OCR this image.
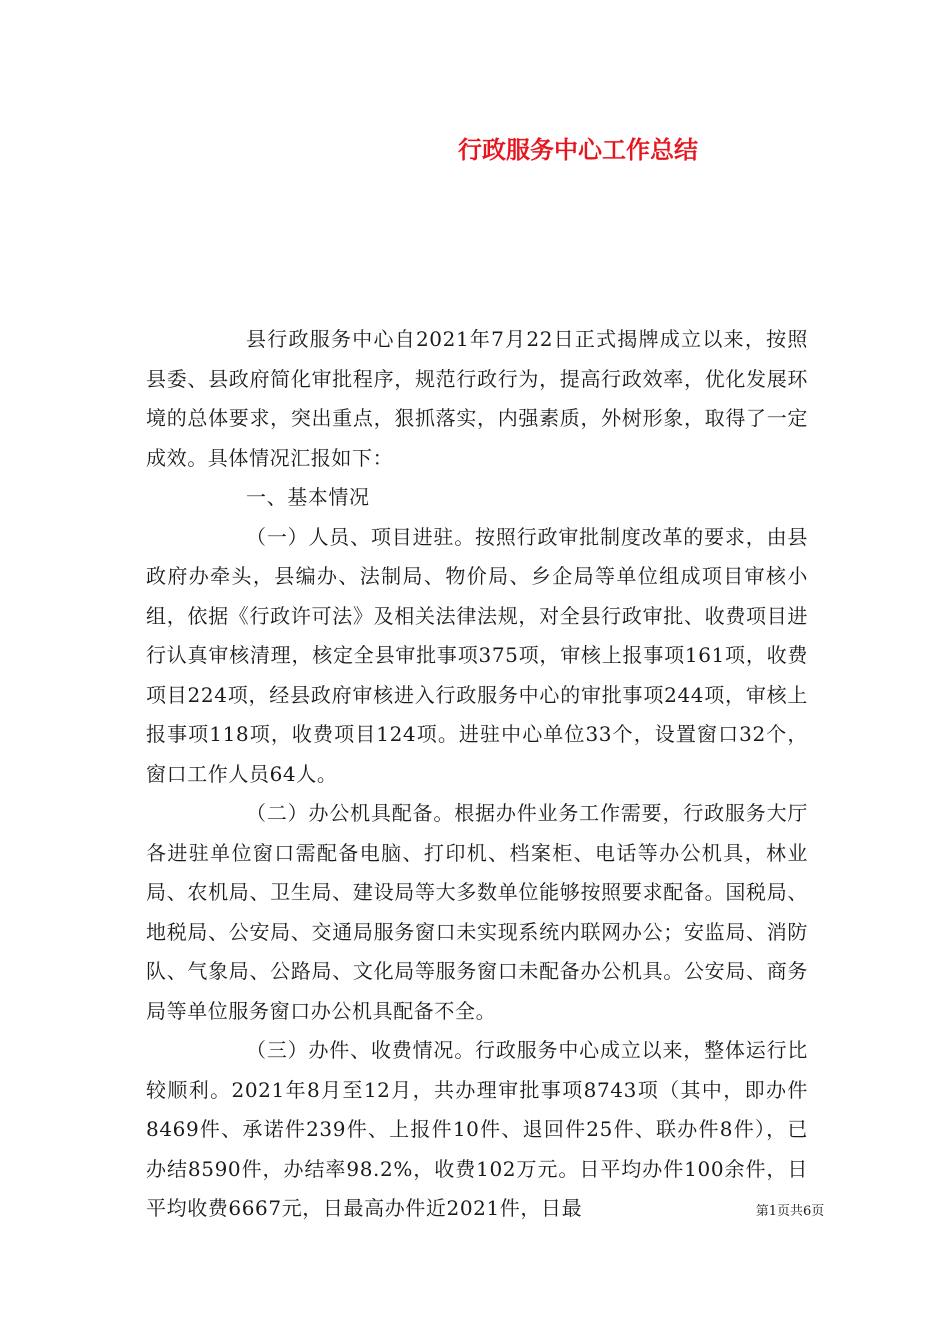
行政服务中心工作总结

县行政服务中心自2021年7月22日正式揭牌成立以来，按照县委、县政府简化审批程序，规范行政行为，提高行政效率，优化发展环境的总体要求，突出重点，狠抓落实，内强素质，外树形象，取得了一定成效。具体情况汇报如下：

一、基本情况

（一）人员、项目进驻。按照行政审批制度改革的要求，由县政府办牵头，县编办、法制局、物价局、乡企局等单位组成项目审核小组，依据《行政许可法》及相关法律法规，对全县行政审批、收费项目进行认真审核清理，核定全县审批事项375项，审核上报事项161项，收费项目224项，经县政府审核进入行政服务中心的审批事项244项，审核上报事项118项，收费项目124项。进驻中心单位33个，设置窗口32个，窗口工作人员64人。

（二）办公机具配备。根据办件业务工作需要，行政服务大厅各进驻单位窗口需配备电脑、打印机、档案柜、电话等办公机具，林业局、农机局、卫生局、建设局等大多数单位能够按照要求配备。国税局、地税局、公安局、交通局服务窗口未实现系统内联网办公；安监局、消防队、气象局、公路局、文化局等服务窗口未配备办公机具。公安局、商务局等单位服务窗口办公机具配备不全。

（三）办件、收费情况。行政服务中心成立以来，整体运行比较顺利。2021年8月至12月，共办理审批事项8743项（其中，即办件8469件、承诺件239件、上报件10件、退回件25件、联办件8件），已办结8590件，办结率98.2%，收费102万元。日平均办件100余件，日平均收费6667元，日最高办件近2021件，日最	第1页共6页
